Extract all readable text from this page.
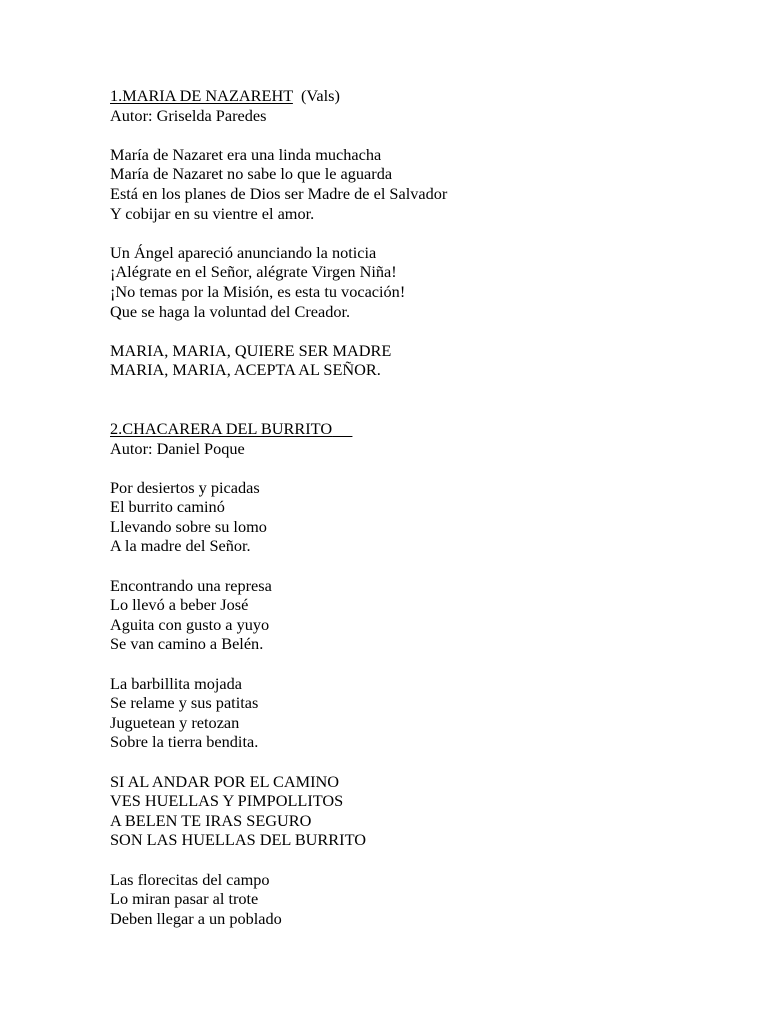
1.MARIA DE NAZAREHT (Vals)
Autor: Griselda Paredes
María de Nazaret era una linda muchacha
María de Nazaret no sabe lo que le aguarda
Está en los planes de Dios ser Madre de el Salvador
Y cobijar en su vientre el amor.
Un Ángel apareció anunciando la noticia
¡Alégrate en el Señor, alégrate Virgen Niña!
¡No temas por la Misión, es esta tu vocación!
Que se haga la voluntad del Creador.
MARIA, MARIA, QUIERE SER MADRE
MARIA, MARIA, ACEPTA AL SEÑOR.
2.CHACARERA DEL BURRITO
Autor: Daniel Poque
Por desiertos y picadas
El burrito caminó
Llevando sobre su lomo
A la madre del Señor.
Encontrando una represa
Lo llevó a beber José
Aguita con gusto a yuyo
Se van camino a Belén.
La barbillita mojada
Se relame y sus patitas
Juguetean y retozan
Sobre la tierra bendita.
SI AL ANDAR POR EL CAMINO
VES HUELLAS Y PIMPOLLITOS
A BELEN TE IRAS SEGURO
SON LAS HUELLAS DEL BURRITO
Las florecitas del campo
Lo miran pasar al trote
Deben llegar a un poblado
